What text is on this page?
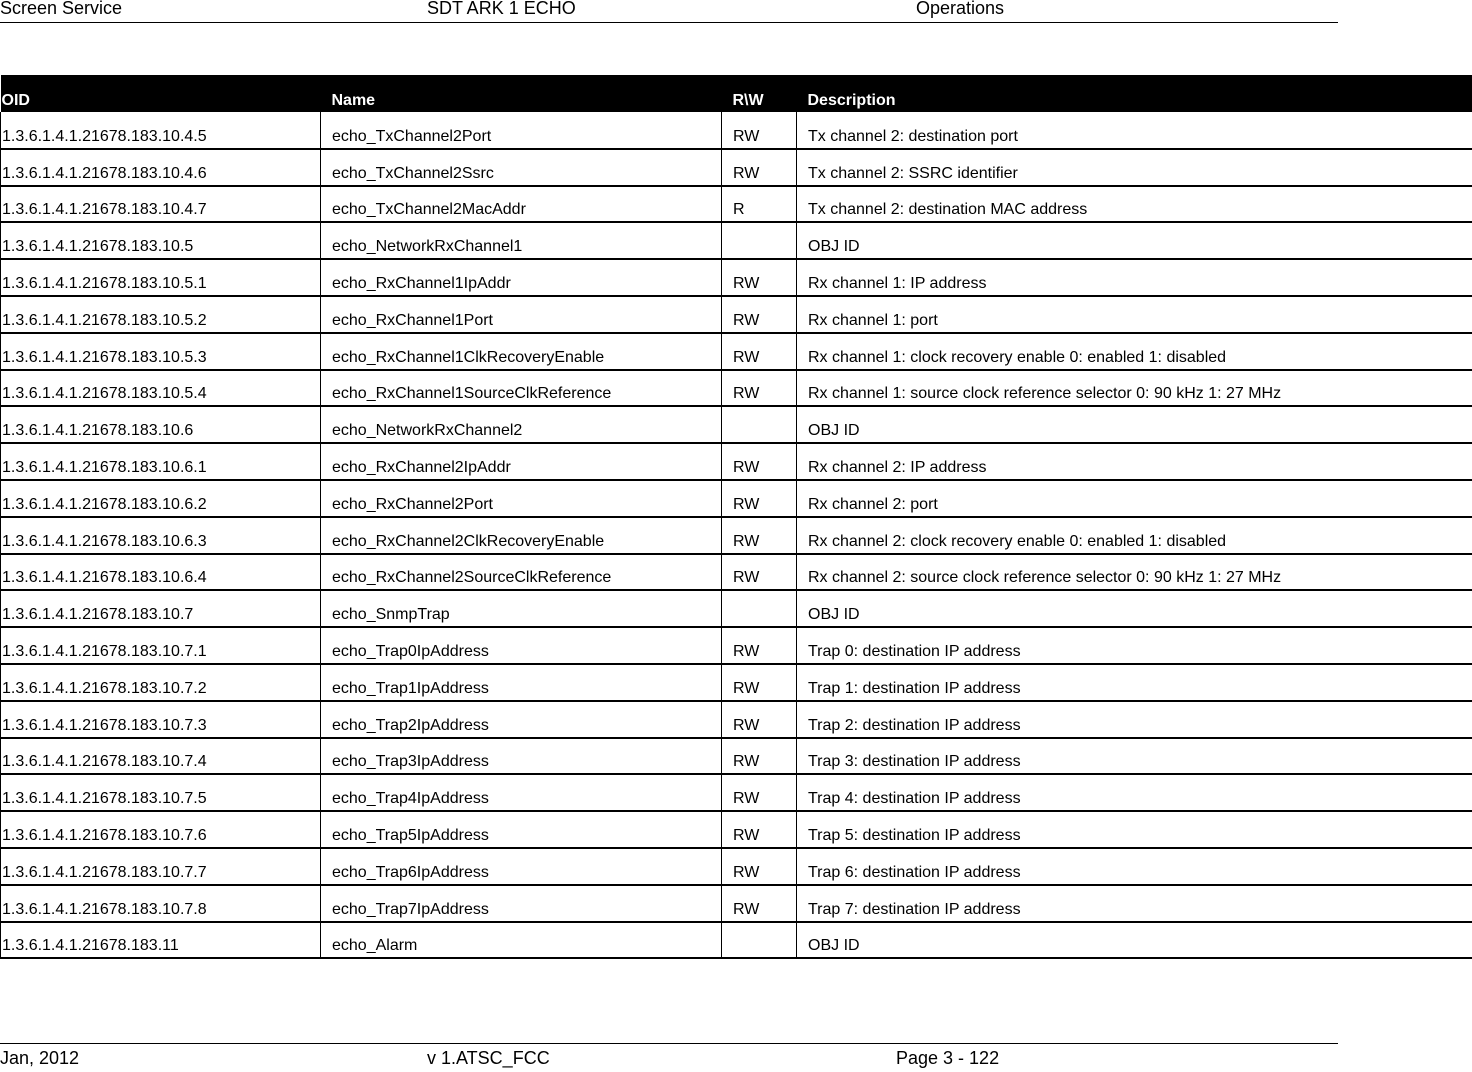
Screen Service	SDT ARK 1 ECHO	Operations
OID	Name	R\W	Description
1.3.6.1.4.1.21678.183.10.4.5	echo_TxChannel2Port	RW	Tx channel 2: destination port
1.3.6.1.4.1.21678.183.10.4.6	echo_TxChannel2Ssrc	RW	Tx channel 2: SSRC identifier
1.3.6.1.4.1.21678.183.10.4.7	echo_TxChannel2MacAddr	R	Tx channel 2: destination MAC address
1.3.6.1.4.1.21678.183.10.5	echo_NetworkRxChannel1		OBJ ID
1.3.6.1.4.1.21678.183.10.5.1	echo_RxChannel1IpAddr	RW	Rx channel 1: IP address
1.3.6.1.4.1.21678.183.10.5.2	echo_RxChannel1Port	RW	Rx channel 1: port
1.3.6.1.4.1.21678.183.10.5.3	echo_RxChannel1ClkRecoveryEnable	RW	Rx channel 1: clock recovery enable 0: enabled 1: disabled
1.3.6.1.4.1.21678.183.10.5.4	echo_RxChannel1SourceClkReference	RW	Rx channel 1: source clock reference selector 0: 90 kHz 1: 27 MHz
1.3.6.1.4.1.21678.183.10.6	echo_NetworkRxChannel2		OBJ ID
1.3.6.1.4.1.21678.183.10.6.1	echo_RxChannel2IpAddr	RW	Rx channel 2: IP address
1.3.6.1.4.1.21678.183.10.6.2	echo_RxChannel2Port	RW	Rx channel 2: port
1.3.6.1.4.1.21678.183.10.6.3	echo_RxChannel2ClkRecoveryEnable	RW	Rx channel 2: clock recovery enable 0: enabled 1: disabled
1.3.6.1.4.1.21678.183.10.6.4	echo_RxChannel2SourceClkReference	RW	Rx channel 2: source clock reference selector 0: 90 kHz 1: 27 MHz
1.3.6.1.4.1.21678.183.10.7	echo_SnmpTrap		OBJ ID
1.3.6.1.4.1.21678.183.10.7.1	echo_Trap0IpAddress	RW	Trap 0: destination IP address
1.3.6.1.4.1.21678.183.10.7.2	echo_Trap1IpAddress	RW	Trap 1: destination IP address
1.3.6.1.4.1.21678.183.10.7.3	echo_Trap2IpAddress	RW	Trap 2: destination IP address
1.3.6.1.4.1.21678.183.10.7.4	echo_Trap3IpAddress	RW	Trap 3: destination IP address
1.3.6.1.4.1.21678.183.10.7.5	echo_Trap4IpAddress	RW	Trap 4: destination IP address
1.3.6.1.4.1.21678.183.10.7.6	echo_Trap5IpAddress	RW	Trap 5: destination IP address
1.3.6.1.4.1.21678.183.10.7.7	echo_Trap6IpAddress	RW	Trap 6: destination IP address
1.3.6.1.4.1.21678.183.10.7.8	echo_Trap7IpAddress	RW	Trap 7: destination IP address
1.3.6.1.4.1.21678.183.11	echo_Alarm		OBJ ID
Jan, 2012	v 1.ATSC_FCC	Page 3 - 122
